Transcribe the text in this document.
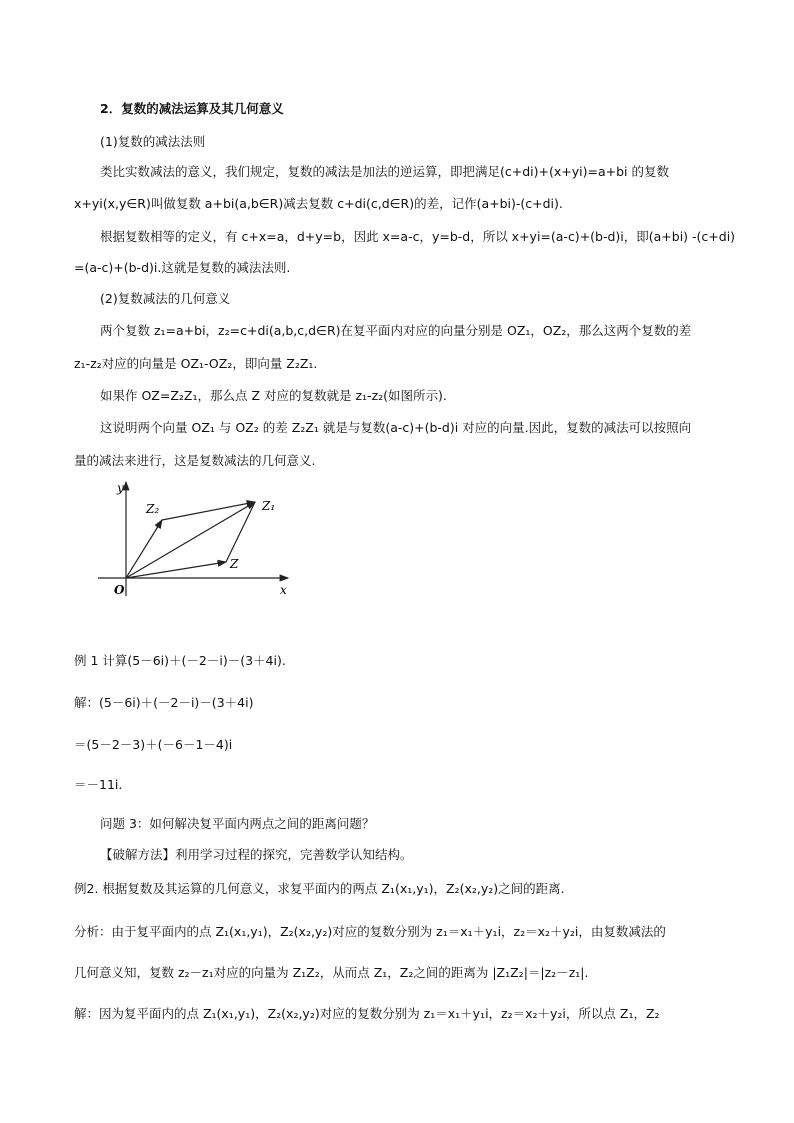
2．复数的减法运算及其几何意义
(1)复数的减法法则
类比实数减法的意义，我们规定，复数的减法是加法的逆运算，即把满足(c+di)+(x+yi)=a+bi 的复数
x+yi(x,y∈R)叫做复数 a+bi(a,b∈R)减去复数 c+di(c,d∈R)的差，记作(a+bi)-(c+di).
根据复数相等的定义，有 c+x=a，d+y=b，因此 x=a-c，y=b-d，所以 x+yi=(a-c)+(b-d)i，即(a+bi) -(c+di)
=(a-c)+(b-d)i.这就是复数的减法法则.
(2)复数减法的几何意义
两个复数 z₁=a+bi，z₂=c+di(a,b,c,d∈R)在复平面内对应的向量分别是 OZ₁，OZ₂，那么这两个复数的差
z₁-z₂对应的向量是 OZ₁-OZ₂，即向量 Z₂Z₁.
如果作 OZ=Z₂Z₁，那么点 Z 对应的复数就是 z₁-z₂(如图所示).
这说明两个向量 OZ₁ 与 OZ₂ 的差 Z₂Z₁ 就是与复数(a-c)+(b-d)i 对应的向量.因此，复数的减法可以按照向
量的减法来进行，这是复数减法的几何意义.
y
x
O
Z₁
Z₂
Z
例 1 计算(5－6i)＋(－2－i)－(3＋4i).
解：(5－6i)＋(－2－i)－(3＋4i)
＝(5－2－3)＋(－6－1－4)i
＝－11i.
问题 3：如何解决复平面内两点之间的距离问题？
【破解方法】利用学习过程的探究，完善数学认知结构。
例2. 根据复数及其运算的几何意义，求复平面内的两点 Z₁(x₁,y₁)，Z₂(x₂,y₂)之间的距离.
分析：由于复平面内的点 Z₁(x₁,y₁)，Z₂(x₂,y₂)对应的复数分别为 z₁＝x₁＋y₁i，z₂＝x₂＋y₂i，由复数减法的
几何意义知，复数 z₂－z₁对应的向量为 Z₁Z₂，从而点 Z₁，Z₂之间的距离为 |Z₁Z₂|＝|z₂－z₁|.
解：因为复平面内的点 Z₁(x₁,y₁)，Z₂(x₂,y₂)对应的复数分别为 z₁＝x₁＋y₁i，z₂＝x₂＋y₂i，所以点 Z₁，Z₂
